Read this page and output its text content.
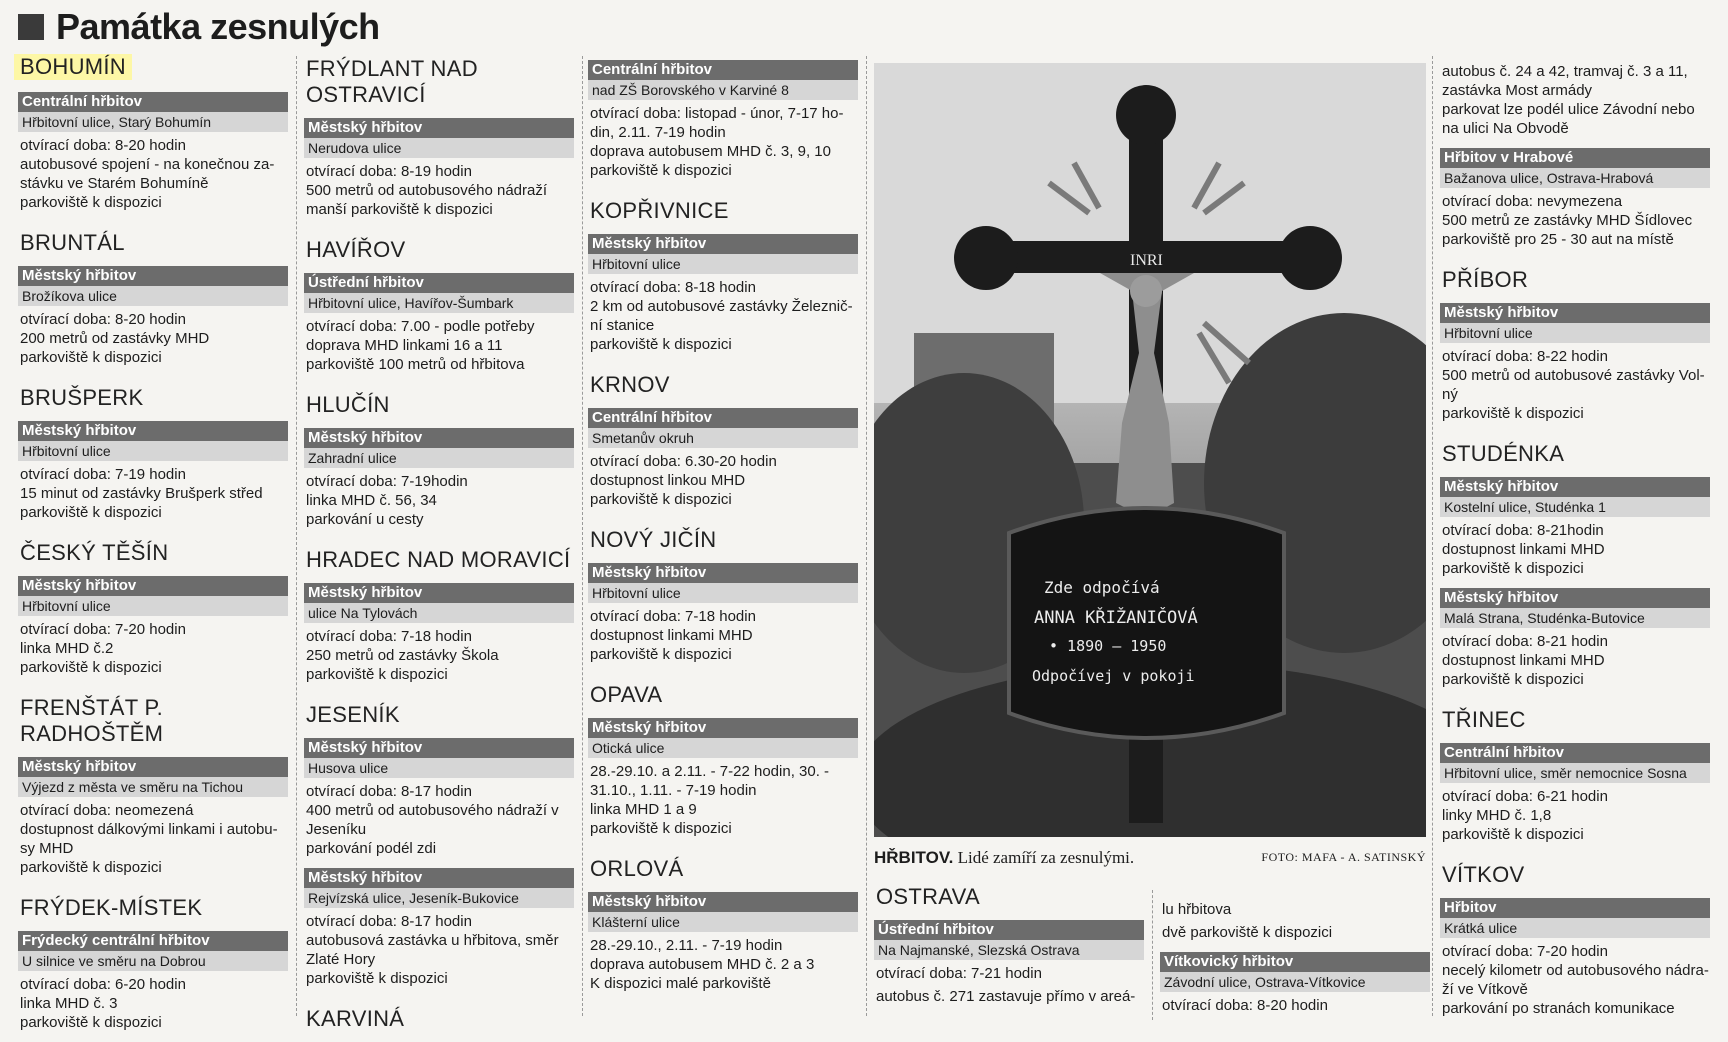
Památka zesnulých
BOHUMÍN
Centrální hřbitov
Hřbitovní ulice, Starý Bohumín
otvírací doba: 8-20 hodin
autobusové spojení - na konečnou za-
stávku ve Starém Bohumíně
parkoviště k dispozici
BRUNTÁL
Městský hřbitov
Brožíkova ulice
otvírací doba: 8-20 hodin
200 metrů od zastávky MHD
parkoviště k dispozici
BRUŠPERK
Městský hřbitov
Hřbitovní ulice
otvírací doba: 7-19 hodin
15 minut od zastávky Brušperk střed
parkoviště k dispozici
ČESKÝ TĚŠÍN
Městský hřbitov
Hřbitovní ulice
otvírací doba: 7-20 hodin
linka MHD č.2
parkoviště k dispozici
FRENŠTÁT P. RADHOŠTĚM
Městský hřbitov
Výjezd z města ve směru na Tichou
otvírací doba: neomezená
dostupnost dálkovými linkami i autobu-
sy MHD
parkoviště k dispozici
FRÝDEK-MÍSTEK
Frýdecký centrální hřbitov
U silnice ve směru na Dobrou
otvírací doba: 6-20 hodin
linka MHD č. 3
parkoviště k dispozici
FRÝDLANT NAD OSTRAVICÍ
Městský hřbitov
Nerudova ulice
otvírací doba: 8-19 hodin
500 metrů od autobusového nádraží
manší parkoviště k dispozici
HAVÍŘOV
Ústřední hřbitov
Hřbitovní ulice, Havířov-Šumbark
otvírací doba: 7.00 - podle potřeby
doprava MHD linkami 16 a 11
parkoviště 100 metrů od hřbitova
HLUČÍN
Městský hřbitov
Zahradní ulice
otvírací doba: 7-19hodin
linka MHD č. 56, 34
parkování u cesty
HRADEC NAD MORAVICÍ
Městský hřbitov
ulice Na Tylovách
otvírací doba: 7-18 hodin
250 metrů od zastávky Škola
parkoviště k dispozici
JESENÍK
Městský hřbitov
Husova ulice
otvírací doba: 8-17 hodin
400 metrů od autobusového nádraží v
Jeseníku
parkování podél zdi
Městský hřbitov
Rejvízská ulice, Jeseník-Bukovice
otvírací doba: 8-17 hodin
autobusová zastávka u hřbitova, směr
Zlaté Hory
parkoviště k dispozici
KARVINÁ
Centrální hřbitov
nad ZŠ Borovského v Karviné 8
otvírací doba: listopad - únor, 7-17 ho-
din, 2.11. 7-19 hodin
doprava autobusem MHD č. 3, 9, 10
parkoviště k dispozici
KOPŘIVNICE
Městský hřbitov
Hřbitovní ulice
otvírací doba: 8-18 hodin
2 km od autobusové zastávky Železnič-
ní stanice
parkoviště k dispozici
KRNOV
Centrální hřbitov
Smetanův okruh
otvírací doba: 6.30-20 hodin
dostupnost linkou MHD
parkoviště k dispozici
NOVÝ JIČÍN
Městský hřbitov
Hřbitovní ulice
otvírací doba: 7-18 hodin
dostupnost linkami MHD
parkoviště k dispozici
OPAVA
Městský hřbitov
Otická ulice
28.-29.10. a 2.11. - 7-22 hodin, 30. -
31.10., 1.11. - 7-19 hodin
linka MHD 1 a 9
parkoviště k dispozici
ORLOVÁ
Městský hřbitov
Klášterní ulice
28.-29.10., 2.11. - 7-19 hodin
doprava autobusem MHD č. 2 a 3
K dispozici malé parkoviště
INRI
Zde odpočívá
ANNA KŘIŽANIČOVÁ
• 1890 – 1950
Odpočívej v pokoji
HŘBITOV. Lidé zamíří za zesnulými.	FOTO: MAFA - A. SATINSKÝ
OSTRAVA
Ústřední hřbitov
Na Najmanské, Slezská Ostrava
otvírací doba: 7-21 hodin
autobus č. 271 zastavuje přímo v areá-
lu hřbitova
dvě parkoviště k dispozici
Vítkovický hřbitov
Závodní ulice, Ostrava-Vítkovice
otvírací doba: 8-20 hodin
autobus č. 24 a 42, tramvaj č. 3 a 11,
zastávka Most armády
parkovat lze podél ulice Závodní nebo
na ulici Na Obvodě
Hřbitov v Hrabové
Bažanova ulice, Ostrava-Hrabová
otvírací doba: nevymezena
500 metrů ze zastávky MHD Šídlovec
parkoviště pro 25 - 30 aut na místě
PŘÍBOR
Městský hřbitov
Hřbitovní ulice
otvírací doba: 8-22 hodin
500 metrů od autobusové zastávky Vol-
ný
parkoviště k dispozici
STUDÉNKA
Městský hřbitov
Kostelní ulice, Studénka 1
otvírací doba: 8-21hodin
dostupnost linkami MHD
parkoviště k dispozici
Městský hřbitov
Malá Strana, Studénka-Butovice
otvírací doba: 8-21 hodin
dostupnost linkami MHD
parkoviště k dispozici
TŘINEC
Centrální hřbitov
Hřbitovní ulice, směr nemocnice Sosna
otvírací doba: 6-21 hodin
linky MHD č. 1,8
parkoviště k dispozici
VÍTKOV
Hřbitov
Krátká ulice
otvírací doba: 7-20 hodin
necelý kilometr od autobusového nádra-
ží ve Vítkově
parkování po stranách komunikace
